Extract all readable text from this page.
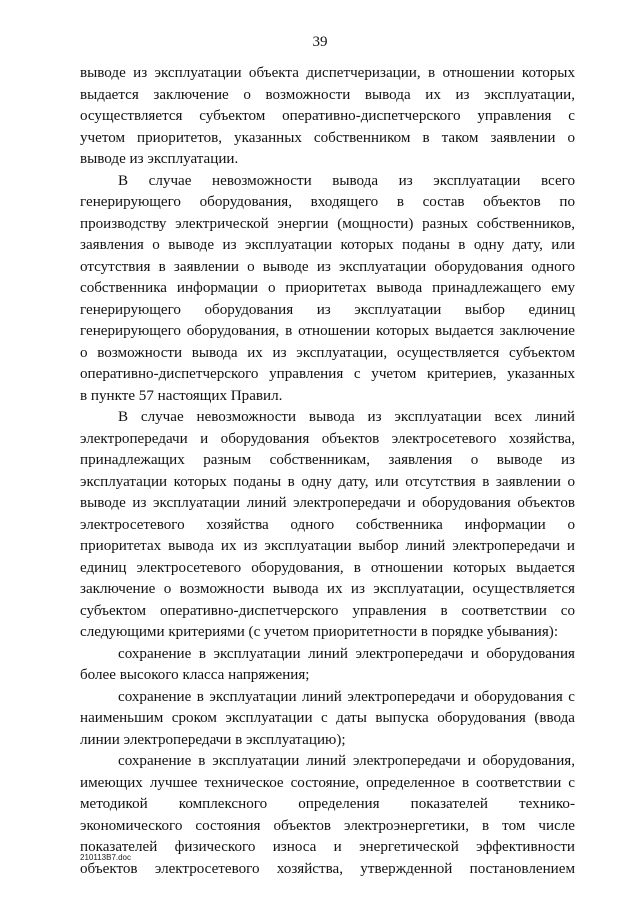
39
выводе из эксплуатации объекта диспетчеризации, в отношении которых
выдается заключение о возможности вывода их из эксплуатации,
осуществляется субъектом оперативно-диспетчерского управления с
учетом приоритетов, указанных собственником в таком заявлении о
выводе из эксплуатации.
В случае невозможности вывода из эксплуатации всего
генерирующего оборудования, входящего в состав объектов по
производству электрической энергии (мощности) разных собственников,
заявления о выводе из эксплуатации которых поданы в одну дату, или
отсутствия в заявлении о выводе из эксплуатации оборудования одного
собственника информации о приоритетах вывода принадлежащего ему
генерирующего оборудования из эксплуатации выбор единиц
генерирующего оборудования, в отношении которых выдается заключение
о возможности вывода их из эксплуатации, осуществляется субъектом
оперативно-диспетчерского управления с учетом критериев, указанных
в пункте 57 настоящих Правил.
В случае невозможности вывода из эксплуатации всех линий
электропередачи и оборудования объектов электросетевого хозяйства,
принадлежащих разным собственникам, заявления о выводе из
эксплуатации которых поданы в одну дату, или отсутствия в заявлении о
выводе из эксплуатации линий электропередачи и оборудования объектов
электросетевого хозяйства одного собственника информации о
приоритетах вывода их из эксплуатации выбор линий электропередачи и
единиц электросетевого оборудования, в отношении которых выдается
заключение о возможности вывода их из эксплуатации, осуществляется
субъектом оперативно-диспетчерского управления в соответствии со
следующими критериями (с учетом приоритетности в порядке убывания):
сохранение в эксплуатации линий электропередачи и оборудования
более высокого класса напряжения;
сохранение в эксплуатации линий электропередачи и оборудования с
наименьшим сроком эксплуатации с даты выпуска оборудования (ввода
линии электропередачи в эксплуатацию);
сохранение в эксплуатации линий электропередачи и оборудования,
имеющих лучшее техническое состояние, определенное в соответствии с
методикой комплексного определения показателей технико-
экономического состояния объектов электроэнергетики, в том числе
показателей физического износа и энергетической эффективности
объектов электросетевого хозяйства, утвержденной постановлением
210113В7.doc
